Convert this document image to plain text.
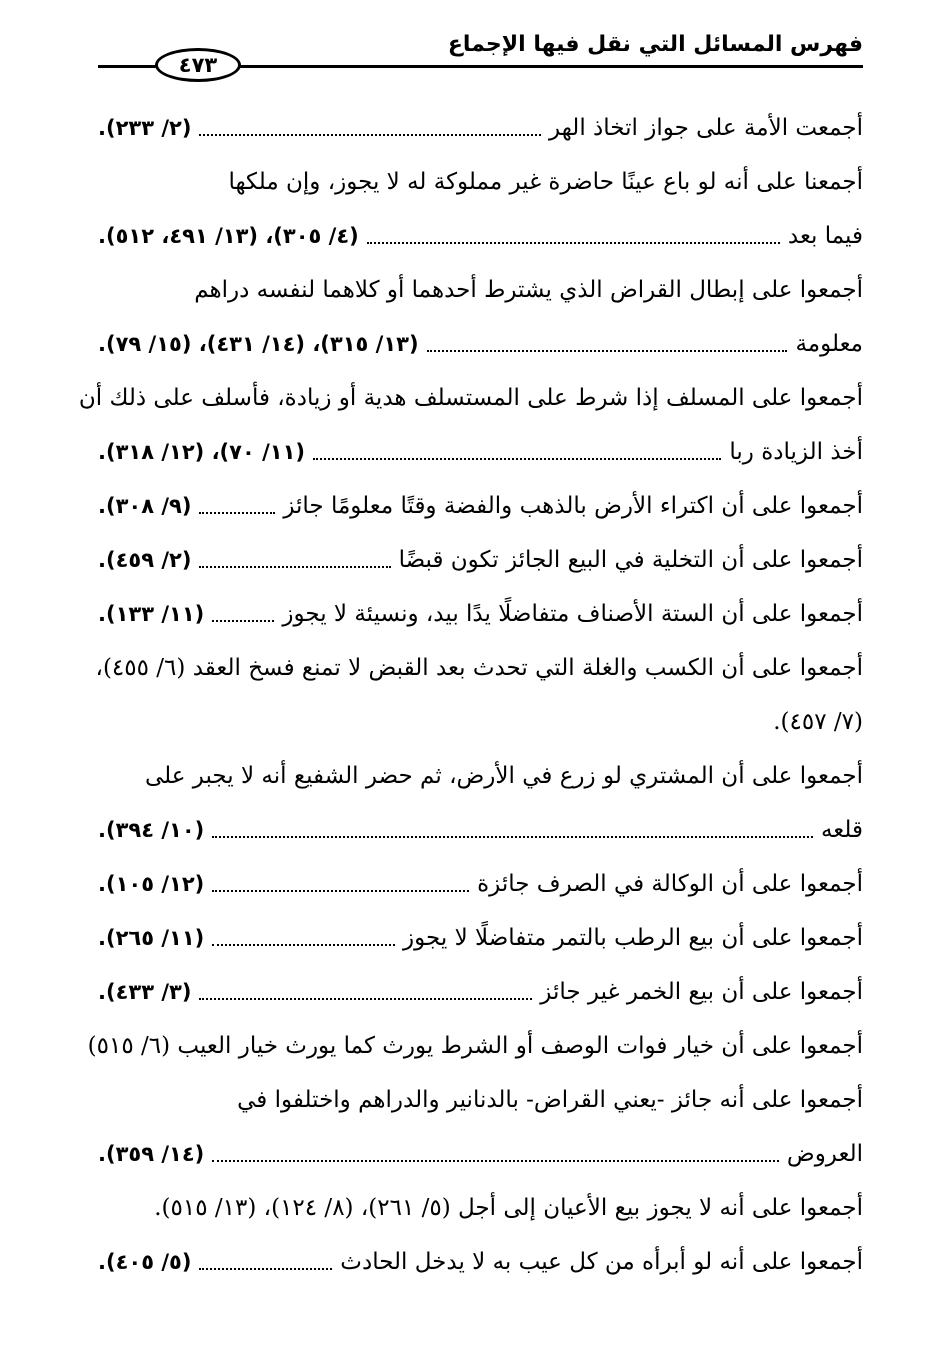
فهرس المسائل التي نقل فيها الإجماع
٤٧٣
أجمعت الأمة على جواز اتخاذ الهر
(٢/ ٢٣٣).
أجمعنا على أنه لو باع عينًا حاضرة غير مملوكة له لا يجوز، وإن ملكها
فيما بعد
(٤/ ٣٠٥)، (١٣/ ٤٩١، ٥١٢).
أجمعوا على إبطال القراض الذي يشترط أحدهما أو كلاهما لنفسه دراهم
معلومة
(١٣/ ٣١٥)، (١٤/ ٤٣١)، (١٥/ ٧٩).
أجمعوا على المسلف إذا شرط على المستسلف هدية أو زيادة، فأسلف على ذلك أن
أخذ الزيادة ربا
(١١/ ٧٠)، (١٢/ ٣١٨).
أجمعوا على أن اكتراء الأرض بالذهب والفضة وقتًا معلومًا جائز
(٩/ ٣٠٨).
أجمعوا على أن التخلية في البيع الجائز تكون قبضًا
(٢/ ٤٥٩).
أجمعوا على أن الستة الأصناف متفاضلًا يدًا بيد، ونسيئة لا يجوز
(١١/ ١٣٣).
أجمعوا على أن الكسب والغلة التي تحدث بعد القبض لا تمنع فسخ العقد (٦/ ٤٥٥)،
(٧/ ٤٥٧).
أجمعوا على أن المشتري لو زرع في الأرض، ثم حضر الشفيع أنه لا يجبر على
قلعه
(١٠/ ٣٩٤).
أجمعوا على أن الوكالة في الصرف جائزة
(١٢/ ١٠٥).
أجمعوا على أن بيع الرطب بالتمر متفاضلًا لا يجوز
(١١/ ٢٦٥).
أجمعوا على أن بيع الخمر غير جائز
(٣/ ٤٣٣).
أجمعوا على أن خيار فوات الوصف أو الشرط يورث كما يورث خيار العيب (٦/ ٥١٥)
أجمعوا على أنه جائز -يعني القراض- بالدنانير والدراهم واختلفوا في
العروض
(١٤/ ٣٥٩).
أجمعوا على أنه لا يجوز بيع الأعيان إلى أجل (٥/ ٢٦١)، (٨/ ١٢٤)، (١٣/ ٥١٥).
أجمعوا على أنه لو أبرأه من كل عيب به لا يدخل الحادث
(٥/ ٤٠٥).
